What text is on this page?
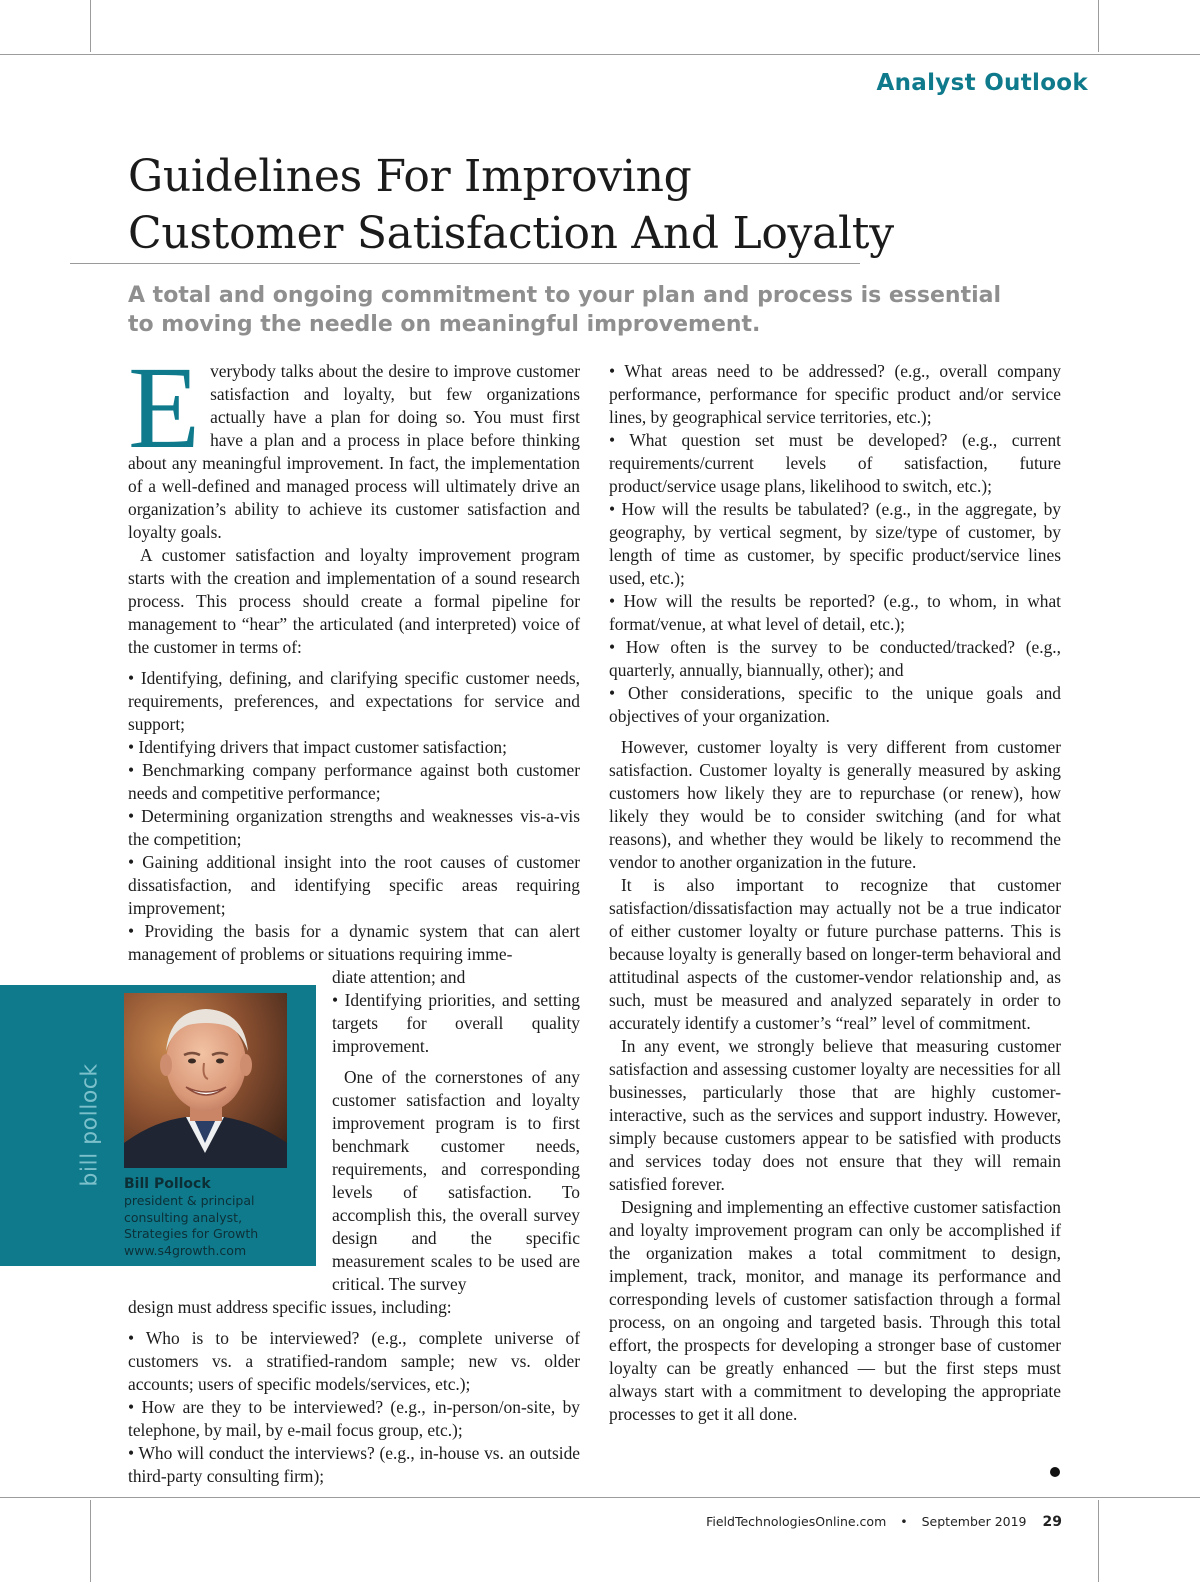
Analyst Outlook
Guidelines For Improving
Customer Satisfaction And Loyalty
A total and ongoing commitment to your plan and process is essential
to moving the needle on meaningful improvement.

Everybody talks about the desire to improve customer satisfaction and loyalty, but few organizations actually have a plan for doing so. You must first have a plan and a process in place before thinking about any meaningful improvement. In fact, the implementation of a well-defined and managed process will ultimately drive an organization’s ability to achieve its customer satisfaction and loyalty goals.

A customer satisfaction and loyalty improvement program starts with the creation and implementation of a sound research process. This process should create a formal pipeline for management to “hear” the articulated (and interpreted) voice of the customer in terms of:

• Identifying, defining, and clarifying specific customer needs, requirements, preferences, and expectations for service and support;
• Identifying drivers that impact customer satisfaction;
• Benchmarking company performance against both customer needs and competitive performance;
• Determining organization strengths and weaknesses vis-a-vis the competition;
• Gaining additional insight into the root causes of customer dissatisfaction, and identifying specific areas requiring improvement;
• Providing the basis for a dynamic system that can alert management of problems or situations requiring imme-

diate attention; and

• Identifying priorities, and setting targets for overall quality improvement.

One of the cornerstones of any customer satisfaction and loyalty improvement program is to first benchmark customer needs, requirements, and corresponding levels of satisfaction. To accomplish this, the overall survey design and the specific measurement scales to be used are critical. The survey

design must address specific issues, including:

• Who is to be interviewed? (e.g., complete universe of customers vs. a stratified-random sample; new vs. older accounts; users of specific models/services, etc.);
• How are they to be interviewed? (e.g., in-person/on-site, by telephone, by mail, by e-mail focus group, etc.);
• Who will conduct the interviews? (e.g., in-house vs. an outside third-party consulting firm);
• What areas need to be addressed? (e.g., overall company performance, performance for specific product and/or service lines, by geographical service territories, etc.);
• What question set must be developed? (e.g., current requirements/current levels of satisfaction, future product/service usage plans, likelihood to switch, etc.);
• How will the results be tabulated? (e.g., in the aggregate, by geography, by vertical segment, by size/type of customer, by length of time as customer, by specific product/service lines used, etc.);
• How will the results be reported? (e.g., to whom, in what format/venue, at what level of detail, etc.);
• How often is the survey to be conducted/tracked? (e.g., quarterly, annually, biannually, other); and
• Other considerations, specific to the unique goals and objectives of your organization.

However, customer loyalty is very different from customer satisfaction. Customer loyalty is generally measured by asking customers how likely they are to repurchase (or renew), how likely they would be to consider switching (and for what reasons), and whether they would be likely to recommend the vendor to another organization in the future.

It is also important to recognize that customer satisfaction/dissatisfaction may actually not be a true indicator of either customer loyalty or future purchase patterns. This is because loyalty is generally based on longer-term behavioral and attitudinal aspects of the customer-vendor relationship and, as such, must be measured and analyzed separately in order to accurately identify a customer’s “real” level of commitment.

In any event, we strongly believe that measuring customer satisfaction and assessing customer loyalty are necessities for all businesses, particularly those that are highly customer-interactive, such as the services and support industry. However, simply because customers appear to be satisfied with products and services today does not ensure that they will remain satisfied forever.

Designing and implementing an effective customer satisfaction and loyalty improvement program can only be accomplished if the organization makes a total commitment to design, implement, track, monitor, and manage its performance and corresponding levels of customer satisfaction through a formal process, on an ongoing and targeted basis. Through this total effort, the prospects for developing a stronger base of customer loyalty can be greatly enhanced — but the first steps must always start with a commitment to developing the appropriate processes to get it all done.

bill pollock Bill Pollock
president & principal
consulting analyst,
Strategies for Growth
www.s4growth.com
FieldTechnologiesOnline.com • September 2019 29
